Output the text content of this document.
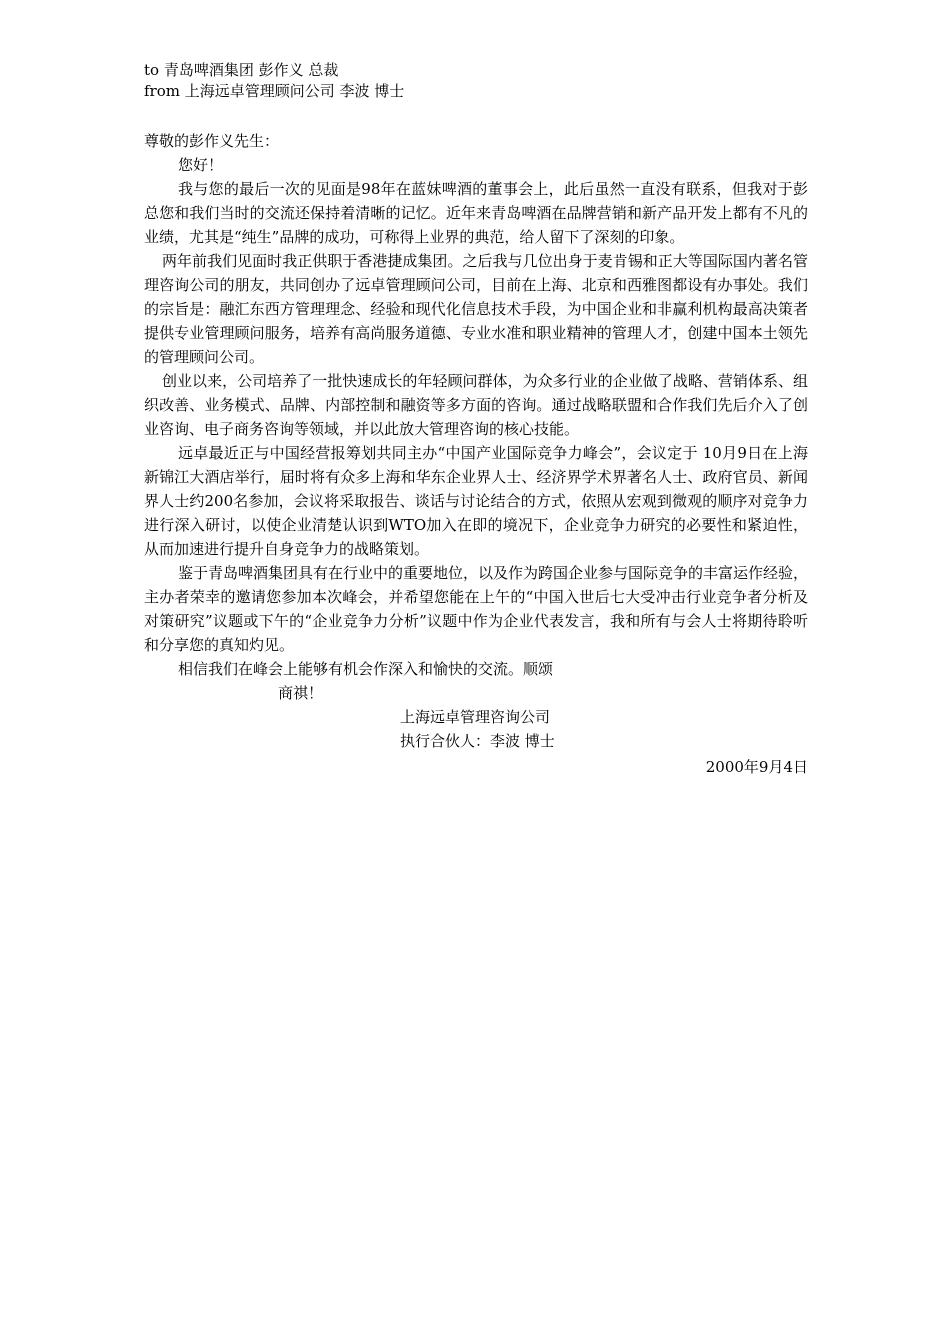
to 青岛啤酒集团 彭作义 总裁
from 上海远卓管理顾问公司 李波 博士
尊敬的彭作义先生：
您好！

我与您的最后一次的见面是98年在蓝妹啤酒的董事会上，此后虽然一直没有联系，但我对于彭总您和我们当时的交流还保持着清晰的记忆。近年来青岛啤酒在品牌营销和新产品开发上都有不凡的业绩，尤其是“纯生”品牌的成功，可称得上业界的典范，给人留下了深刻的印象。

两年前我们见面时我正供职于香港捷成集团。之后我与几位出身于麦肯锡和正大等国际国内著名管理咨询公司的朋友，共同创办了远卓管理顾问公司，目前在上海、北京和西雅图都设有办事处。我们的宗旨是：融汇东西方管理理念、经验和现代化信息技术手段，为中国企业和非赢利机构最高决策者提供专业管理顾问服务，培养有高尚服务道德、专业水准和职业精神的管理人才，创建中国本土领先的管理顾问公司。

创业以来，公司培养了一批快速成长的年轻顾问群体，为众多行业的企业做了战略、营销体系、组织改善、业务模式、品牌、内部控制和融资等多方面的咨询。通过战略联盟和合作我们先后介入了创业咨询、电子商务咨询等领域，并以此放大管理咨询的核心技能。

远卓最近正与中国经营报筹划共同主办“中国产业国际竞争力峰会”，会议定于 10月9日在上海新锦江大酒店举行，届时将有众多上海和华东企业界人士、经济界学术界著名人士、政府官员、新闻界人士约200名参加，会议将采取报告、谈话与讨论结合的方式，依照从宏观到微观的顺序对竞争力进行深入研讨，以使企业清楚认识到WTO加入在即的境况下，企业竞争力研究的必要性和紧迫性，从而加速进行提升自身竞争力的战略策划。

鉴于青岛啤酒集团具有在行业中的重要地位，以及作为跨国企业参与国际竞争的丰富运作经验，主办者荣幸的邀请您参加本次峰会，并希望您能在上午的“中国入世后七大受冲击行业竞争者分析及对策研究”议题或下午的“企业竞争力分析”议题中作为企业代表发言，我和所有与会人士将期待聆听和分享您的真知灼见。

相信我们在峰会上能够有机会作深入和愉快的交流。顺颂
商祺！
上海远卓管理咨询公司
执行合伙人：李波 博士
2000年9月4日
